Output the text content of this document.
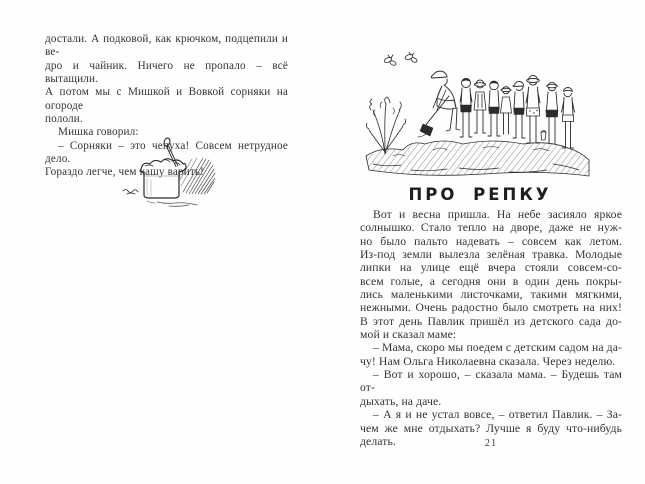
достали. А подковой, как крючком, подцепили и ве-
дро и чайник. Ничего не пропало – всё вытащили.
А потом мы с Мишкой и Вовкой сорняки на огороде
пололи.
Мишка говорил:
– Сорняки – это чепуха! Совсем нетрудное дело.
Гораздо легче, чем кашу варить!
ПРО РЕПКУ
Вот и весна пришла. На небе засияло яркое
солнышко. Стало тепло на дворе, даже не нуж-
но было пальто надевать – совсем как летом.
Из-под земли вылезла зелёная травка. Молодые
липки на улице ещё вчера стояли совсем-со-
всем голые, а сегодня они в один день покры-
лись маленькими листочками, такими мягкими,
нежными. Очень радостно было смотреть на них!
В этот день Павлик пришёл из детского сада до-
мой и сказал маме:
– Мама, скоро мы поедем с детским садом на да-
чу! Нам Ольга Николаевна сказала. Через неделю.
– Вот и хорошо, – сказала мама. – Будешь там от-
дыхать, на даче.
– А я и не устал вовсе, – ответил Павлик. – За-
чем же мне отдыхать? Лучше я буду что-нибудь
делать.	21
